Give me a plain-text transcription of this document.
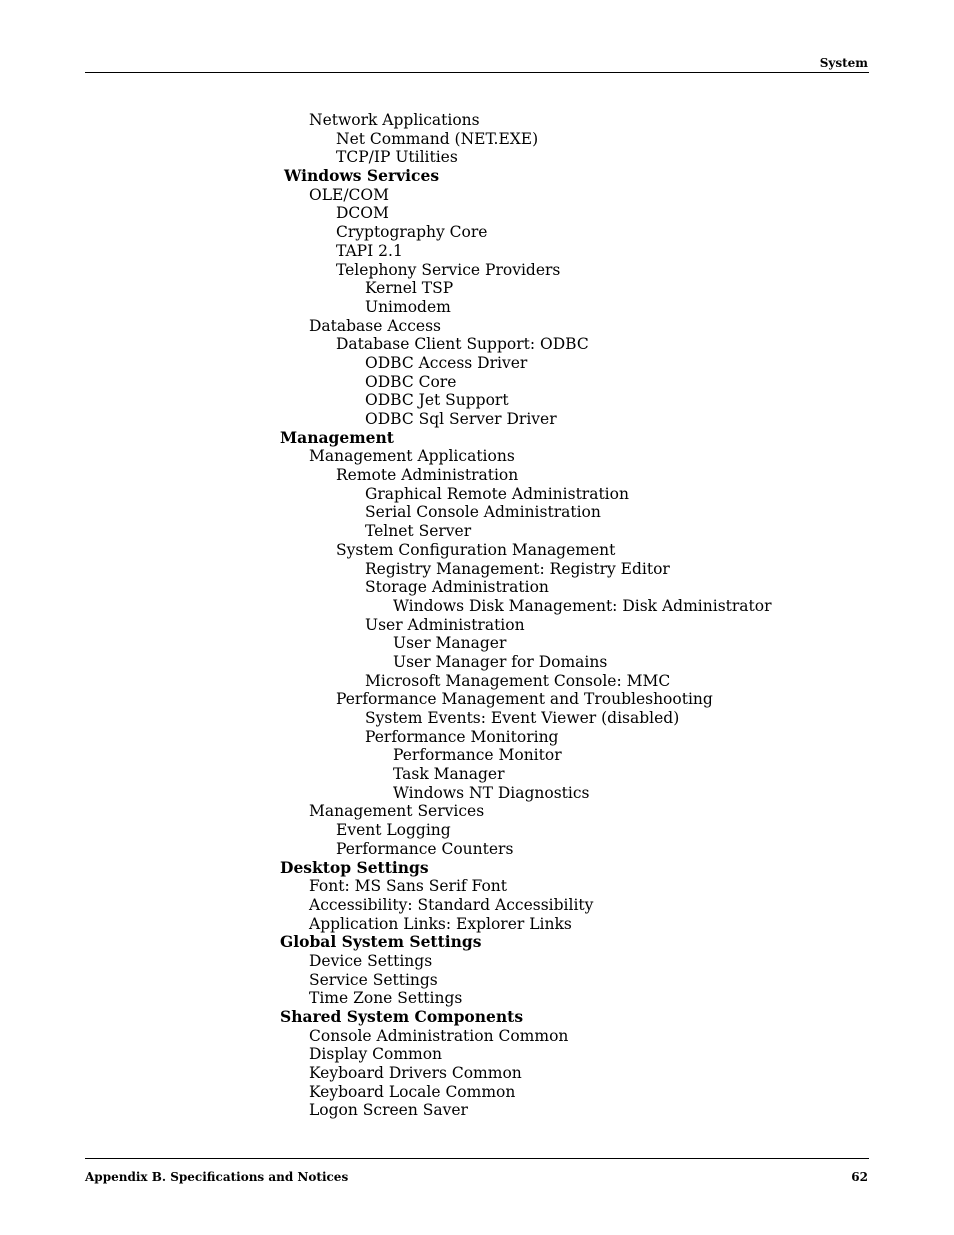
System
Network Applications
Net Command (NET.EXE)
TCP/IP Utilities
Windows Services
OLE/COM
DCOM
Cryptography Core
TAPI 2.1
Telephony Service Providers
Kernel TSP
Unimodem
Database Access
Database Client Support: ODBC
ODBC Access Driver
ODBC Core
ODBC Jet Support
ODBC Sql Server Driver
Management
Management Applications
Remote Administration
Graphical Remote Administration
Serial Console Administration
Telnet Server
System Configuration Management
Registry Management: Registry Editor
Storage Administration
Windows Disk Management: Disk Administrator
User Administration
User Manager
User Manager for Domains
Microsoft Management Console: MMC
Performance Management and Troubleshooting
System Events: Event Viewer (disabled)
Performance Monitoring
Performance Monitor
Task Manager
Windows NT Diagnostics
Management Services
Event Logging
Performance Counters
Desktop Settings
Font: MS Sans Serif Font
Accessibility: Standard Accessibility
Application Links: Explorer Links
Global System Settings
Device Settings
Service Settings
Time Zone Settings
Shared System Components
Console Administration Common
Display Common
Keyboard Drivers Common
Keyboard Locale Common
Logon Screen Saver
Appendix B. Specifications and Notices	62
